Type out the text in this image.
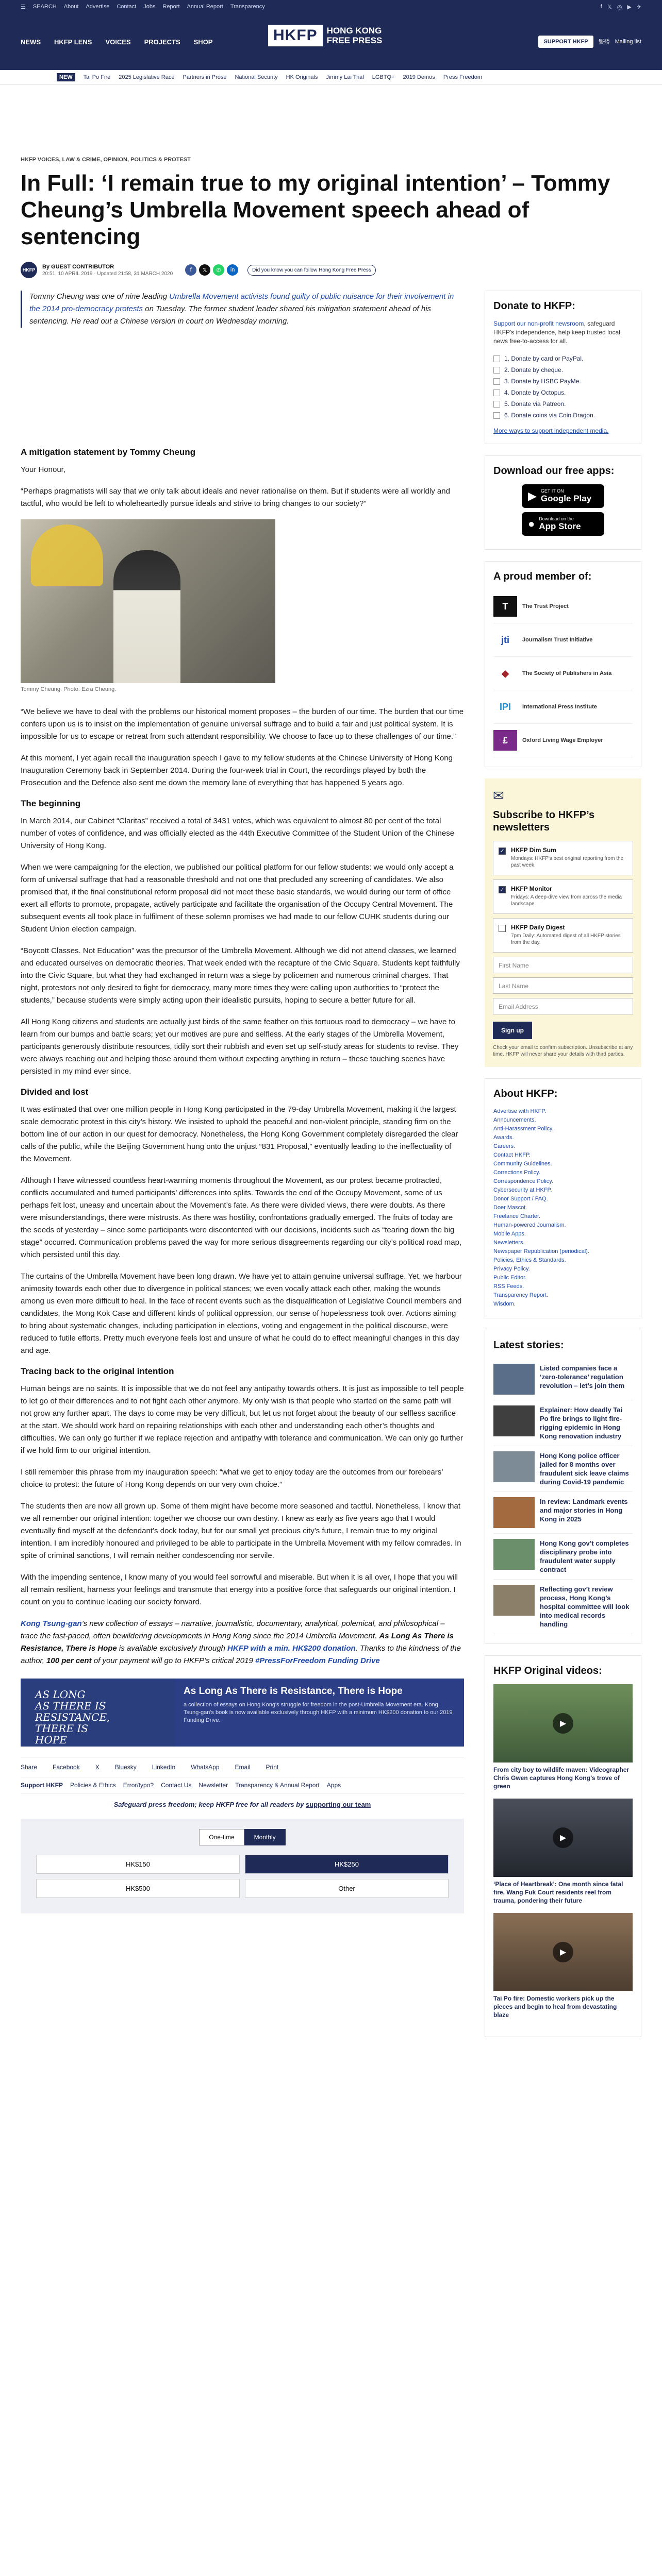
☰ SEARCH About Advertise Contact Jobs Report Annual Report Transparency	f 𝕏 ◎ ▶ ✈
NEWS HKFP LENS VOICES PROJECTS SHOP	HKFP	HONG KONG
FREE PRESS	SUPPORT HKFP	繁體 Mailing list
NEW	Tai Po Fire 2025 Legislative Race Partners in Prose National Security HK Originals Jimmy Lai Trial LGBTQ+ 2019 Demos Press Freedom
HKFP VOICES, LAW & CRIME, OPINION, POLITICS & PROTEST
In Full: ‘I remain true to my original intention’ – Tommy Cheung’s Umbrella Movement speech ahead of sentencing
HKFP
By GUEST CONTRIBUTOR
20:51, 10 APRIL 2019 · Updated 21:58, 31 MARCH 2020
f	𝕏	✆	in	Did you know you can follow Hong Kong Free Press
Tommy Cheung was one of nine leading Umbrella Movement activists found guilty of public nuisance for their involvement in the 2014 pro-democracy protests on Tuesday. The former student leader shared his mitigation statement ahead of his sentencing. He read out a Chinese version in court on Wednesday morning.
A mitigation statement by Tommy Cheung

Your Honour,

“Perhaps pragmatists will say that we only talk about ideals and never rationalise on them. But if students were all worldly and tactful, who would be left to wholeheartedly pursue ideals and strive to bring changes to our society?”

Tommy Cheung. Photo: Ezra Cheung.

“We believe we have to deal with the problems our historical moment proposes – the burden of our time. The burden that our time confers upon us is to insist on the implementation of genuine universal suffrage and to build a fair and just political system. It is impossible for us to escape or retreat from such attendant responsibility. We choose to face up to these challenges of our time.”

At this moment, I yet again recall the inauguration speech I gave to my fellow students at the Chinese University of Hong Kong Inauguration Ceremony back in September 2014. During the four-week trial in Court, the recordings played by both the Prosecution and the Defence also sent me down the memory lane of everything that has happened 5 years ago.

The beginning

In March 2014, our Cabinet “Claritas” received a total of 3431 votes, which was equivalent to almost 80 per cent of the total number of votes of confidence, and was officially elected as the 44th Executive Committee of the Student Union of the Chinese University of Hong Kong.

When we were campaigning for the election, we published our political platform for our fellow students: we would only accept a form of universal suffrage that had a reasonable threshold and not one that precluded any screening of candidates. We also promised that, if the final constitutional reform proposal did not meet these basic standards, we would during our term of office exert all efforts to promote, propagate, actively participate and facilitate the organisation of the Occupy Central Movement. The subsequent events all took place in fulfilment of these solemn promises we had made to our fellow CUHK students during our Student Union election campaign.

“Boycott Classes. Not Education” was the precursor of the Umbrella Movement. Although we did not attend classes, we learned and educated ourselves on democratic theories. That week ended with the recapture of the Civic Square. Students kept faithfully into the Civic Square, but what they had exchanged in return was a siege by policemen and numerous criminal charges. That night, protestors not only desired to fight for democracy, many more times they were calling upon authorities to “protect the students,” because students were simply acting upon their idealistic pursuits, hoping to secure a better future for all.

All Hong Kong citizens and students are actually just birds of the same feather on this tortuous road to democracy – we have to learn from our bumps and battle scars; yet our motives are pure and selfless. At the early stages of the Umbrella Movement, participants generously distribute resources, tidily sort their rubbish and even set up self-study areas for students to revise. They were always reaching out and helping those around them without expecting anything in return – these touching scenes have persisted in my mind ever since.

Divided and lost

It was estimated that over one million people in Hong Kong participated in the 79-day Umbrella Movement, making it the largest scale democratic protest in this city’s history. We insisted to uphold the peaceful and non-violent principle, standing firm on the bottom line of our action in our quest for democracy. Nonetheless, the Hong Kong Government completely disregarded the clear calls of the public, while the Beijing Government hung onto the unjust “831 Proposal,” eventually leading to the ineffectuality of the Movement.

Although I have witnessed countless heart-warming moments throughout the Movement, as our protest became protracted, conflicts accumulated and turned participants’ differences into splits. Towards the end of the Occupy Movement, some of us perhaps felt lost, uneasy and uncertain about the Movement’s fate. As there were divided views, there were doubts. As there were misunderstandings, there were mistrusts. As there was hostility, confrontations gradually emerged. The fruits of today are the seeds of yesterday – since some participants were discontented with our decisions, incidents such as “tearing down the big stage” occurred. Communication problems paved the way for more serious disagreements regarding our city’s political road map, which persisted until this day.

The curtains of the Umbrella Movement have been long drawn. We have yet to attain genuine universal suffrage. Yet, we harbour animosity towards each other due to divergence in political stances; we even vocally attack each other, making the wounds among us even more difficult to heal. In the face of recent events such as the disqualification of Legislative Council members and candidates, the Mong Kok Case and different kinds of political oppression, our sense of hopelessness took over. Actions aiming to bring about systematic changes, including participation in elections, voting and engagement in the political discourse, were reduced to futile efforts. Pretty much everyone feels lost and unsure of what he could do to effect meaningful changes in this day and age.

Tracing back to the original intention

Human beings are no saints. It is impossible that we do not feel any antipathy towards others. It is just as impossible to tell people to let go of their differences and to not fight each other anymore. My only wish is that people who started on the same path will not grow any further apart. The days to come may be very difficult, but let us not forget about the beauty of our selfless sacrifice at the start. We should work hard on repairing relationships with each other and understanding each other’s thoughts and difficulties. We can only go further if we replace rejection and antipathy with tolerance and communication. We can only go further if we hold firm to our original intention.

I still remember this phrase from my inauguration speech: “what we get to enjoy today are the outcomes from our forebears’ choice to protest: the future of Hong Kong depends on our very own choice.”

The students then are now all grown up. Some of them might have become more seasoned and tactful. Nonetheless, I know that we all remember our original intention: together we choose our own destiny. I knew as early as five years ago that I would eventually find myself at the defendant’s dock today, but for our small yet precious city’s future, I remain true to my original intention. I am incredibly honoured and privileged to be able to participate in the Umbrella Movement with my fellow comrades. In spite of criminal sanctions, I will remain neither condescending nor servile.

With the impending sentence, I know many of you would feel sorrowful and miserable. But when it is all over, I hope that you will all remain resilient, harness your feelings and transmute that energy into a positive force that safeguards our original intention. I count on you to continue leading our society forward.

Kong Tsung-gan’s new collection of essays – narrative, journalistic, documentary, analytical, polemical, and philosophical – trace the fast-paced, often bewildering developments in Hong Kong since the 2014 Umbrella Movement. As Long As There is Resistance, There is Hope is available exclusively through HKFP with a min. HK$200 donation. Thanks to the kindness of the author, 100 per cent of your payment will go to HKFP’s critical 2019 #PressForFreedom Funding Drive

AS LONG
AS THERE IS
RESISTANCE,
THERE IS
HOPE
As Long As There is Resistance, There is Hope
a collection of essays on Hong Kong's struggle for freedom in the post-Umbrella Movement era. Kong Tsung-gan's book is now available exclusively through HKFP with a minimum HK$200 donation to our 2019 Funding Drive.
Share	Facebook	X	Bluesky	LinkedIn	WhatsApp	Email	Print
Support HKFP Policies & Ethics Error/typo? Contact Us Newsletter Transparency & Annual Report Apps
Safeguard press freedom; keep HKFP free for all readers by supporting our team
One-time	Monthly
HK$150	HK$250
HK$500	Other
Donate to HKFP:
Support our non-profit newsroom, safeguard HKFP's independence, help keep trusted local news free-to-access for all.
1. Donate by card or PayPal.
2. Donate by cheque.
3. Donate by HSBC PayMe.
4. Donate by Octopus.
5. Donate via Patreon.
6. Donate coins via Coin Dragon.
More ways to support independent media.
Download our free apps:
▶ GET IT ON
Google Play
● Download on the
App Store
A proud member of:
T	The Trust Project
jti	Journalism Trust Initiative
◆	The Society of Publishers in Asia
IPI	International Press Institute
£	Oxford Living Wage Employer
✉
Subscribe to HKFP’s newsletters
✓ HKFP Dim Sum
Mondays: HKFP's best original reporting from the past week.
✓ HKFP Monitor
Fridays: A deep-dive view from across the media landscape.
HKFP Daily Digest
7pm Daily: Automated digest of all HKFP stories from the day.
First Name
Last Name
Email Address
Sign up
Check your email to confirm subscription. Unsubscribe at any time. HKFP will never share your details with third parties.
About HKFP:
Advertise with HKFP.
Announcements.
Anti-Harassment Policy.
Awards.
Careers.
Contact HKFP.
Community Guidelines.
Corrections Policy.
Correspondence Policy.
Cybersecurity at HKFP.
Donor Support / FAQ.
Doer Mascot.
Freelance Charter.
Human-powered Journalism.
Mobile Apps.
Newsletters.
Newspaper Republication (periodical).
Policies, Ethics & Standards.
Privacy Policy.
Public Editor.
RSS Feeds.
Transparency Report.
Wisdom.
Latest stories:
Listed companies face a ‘zero-tolerance’ regulation revolution – let’s join them
Explainer: How deadly Tai Po fire brings to light fire-rigging epidemic in Hong Kong renovation industry
Hong Kong police officer jailed for 8 months over fraudulent sick leave claims during Covid-19 pandemic
In review: Landmark events and major stories in Hong Kong in 2025
Hong Kong gov’t completes disciplinary probe into fraudulent water supply contract
Reflecting gov’t review process, Hong Kong’s hospital committee will look into medical records handling
HKFP Original videos:
▶
From city boy to wildlife maven: Videographer Chris Gwen captures Hong Kong’s trove of green
▶
‘Place of Heartbreak’: One month since fatal fire, Wang Fuk Court residents reel from trauma, pondering their future
▶
Tai Po fire: Domestic workers pick up the pieces and begin to heal from devastating blaze
